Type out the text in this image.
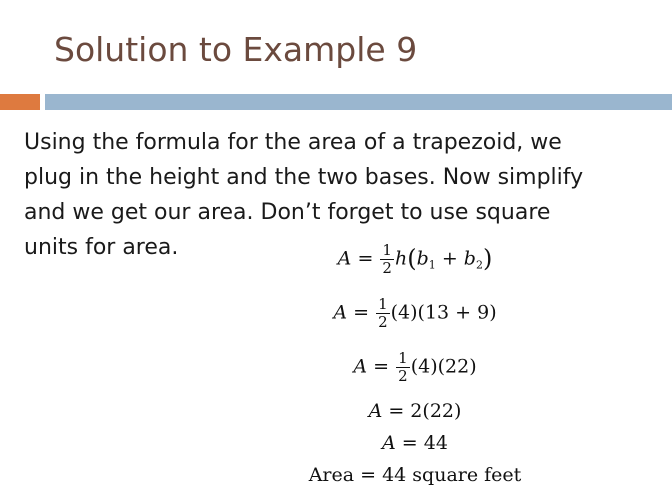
Solution to Example 9
Using the formula for the area of a trapezoid, we
plug in the height and the two bases. Now simplify
and we get our area. Don’t forget to use square
units for area.	$A = \frac{1}{2} h(b_1 + b_2)$
$A = \frac{1}{2} (4)(13 + 9)$
$A = \frac{1}{2} (4)(22)$
A = 2(22)
A = 44
Area = 44 square feet
